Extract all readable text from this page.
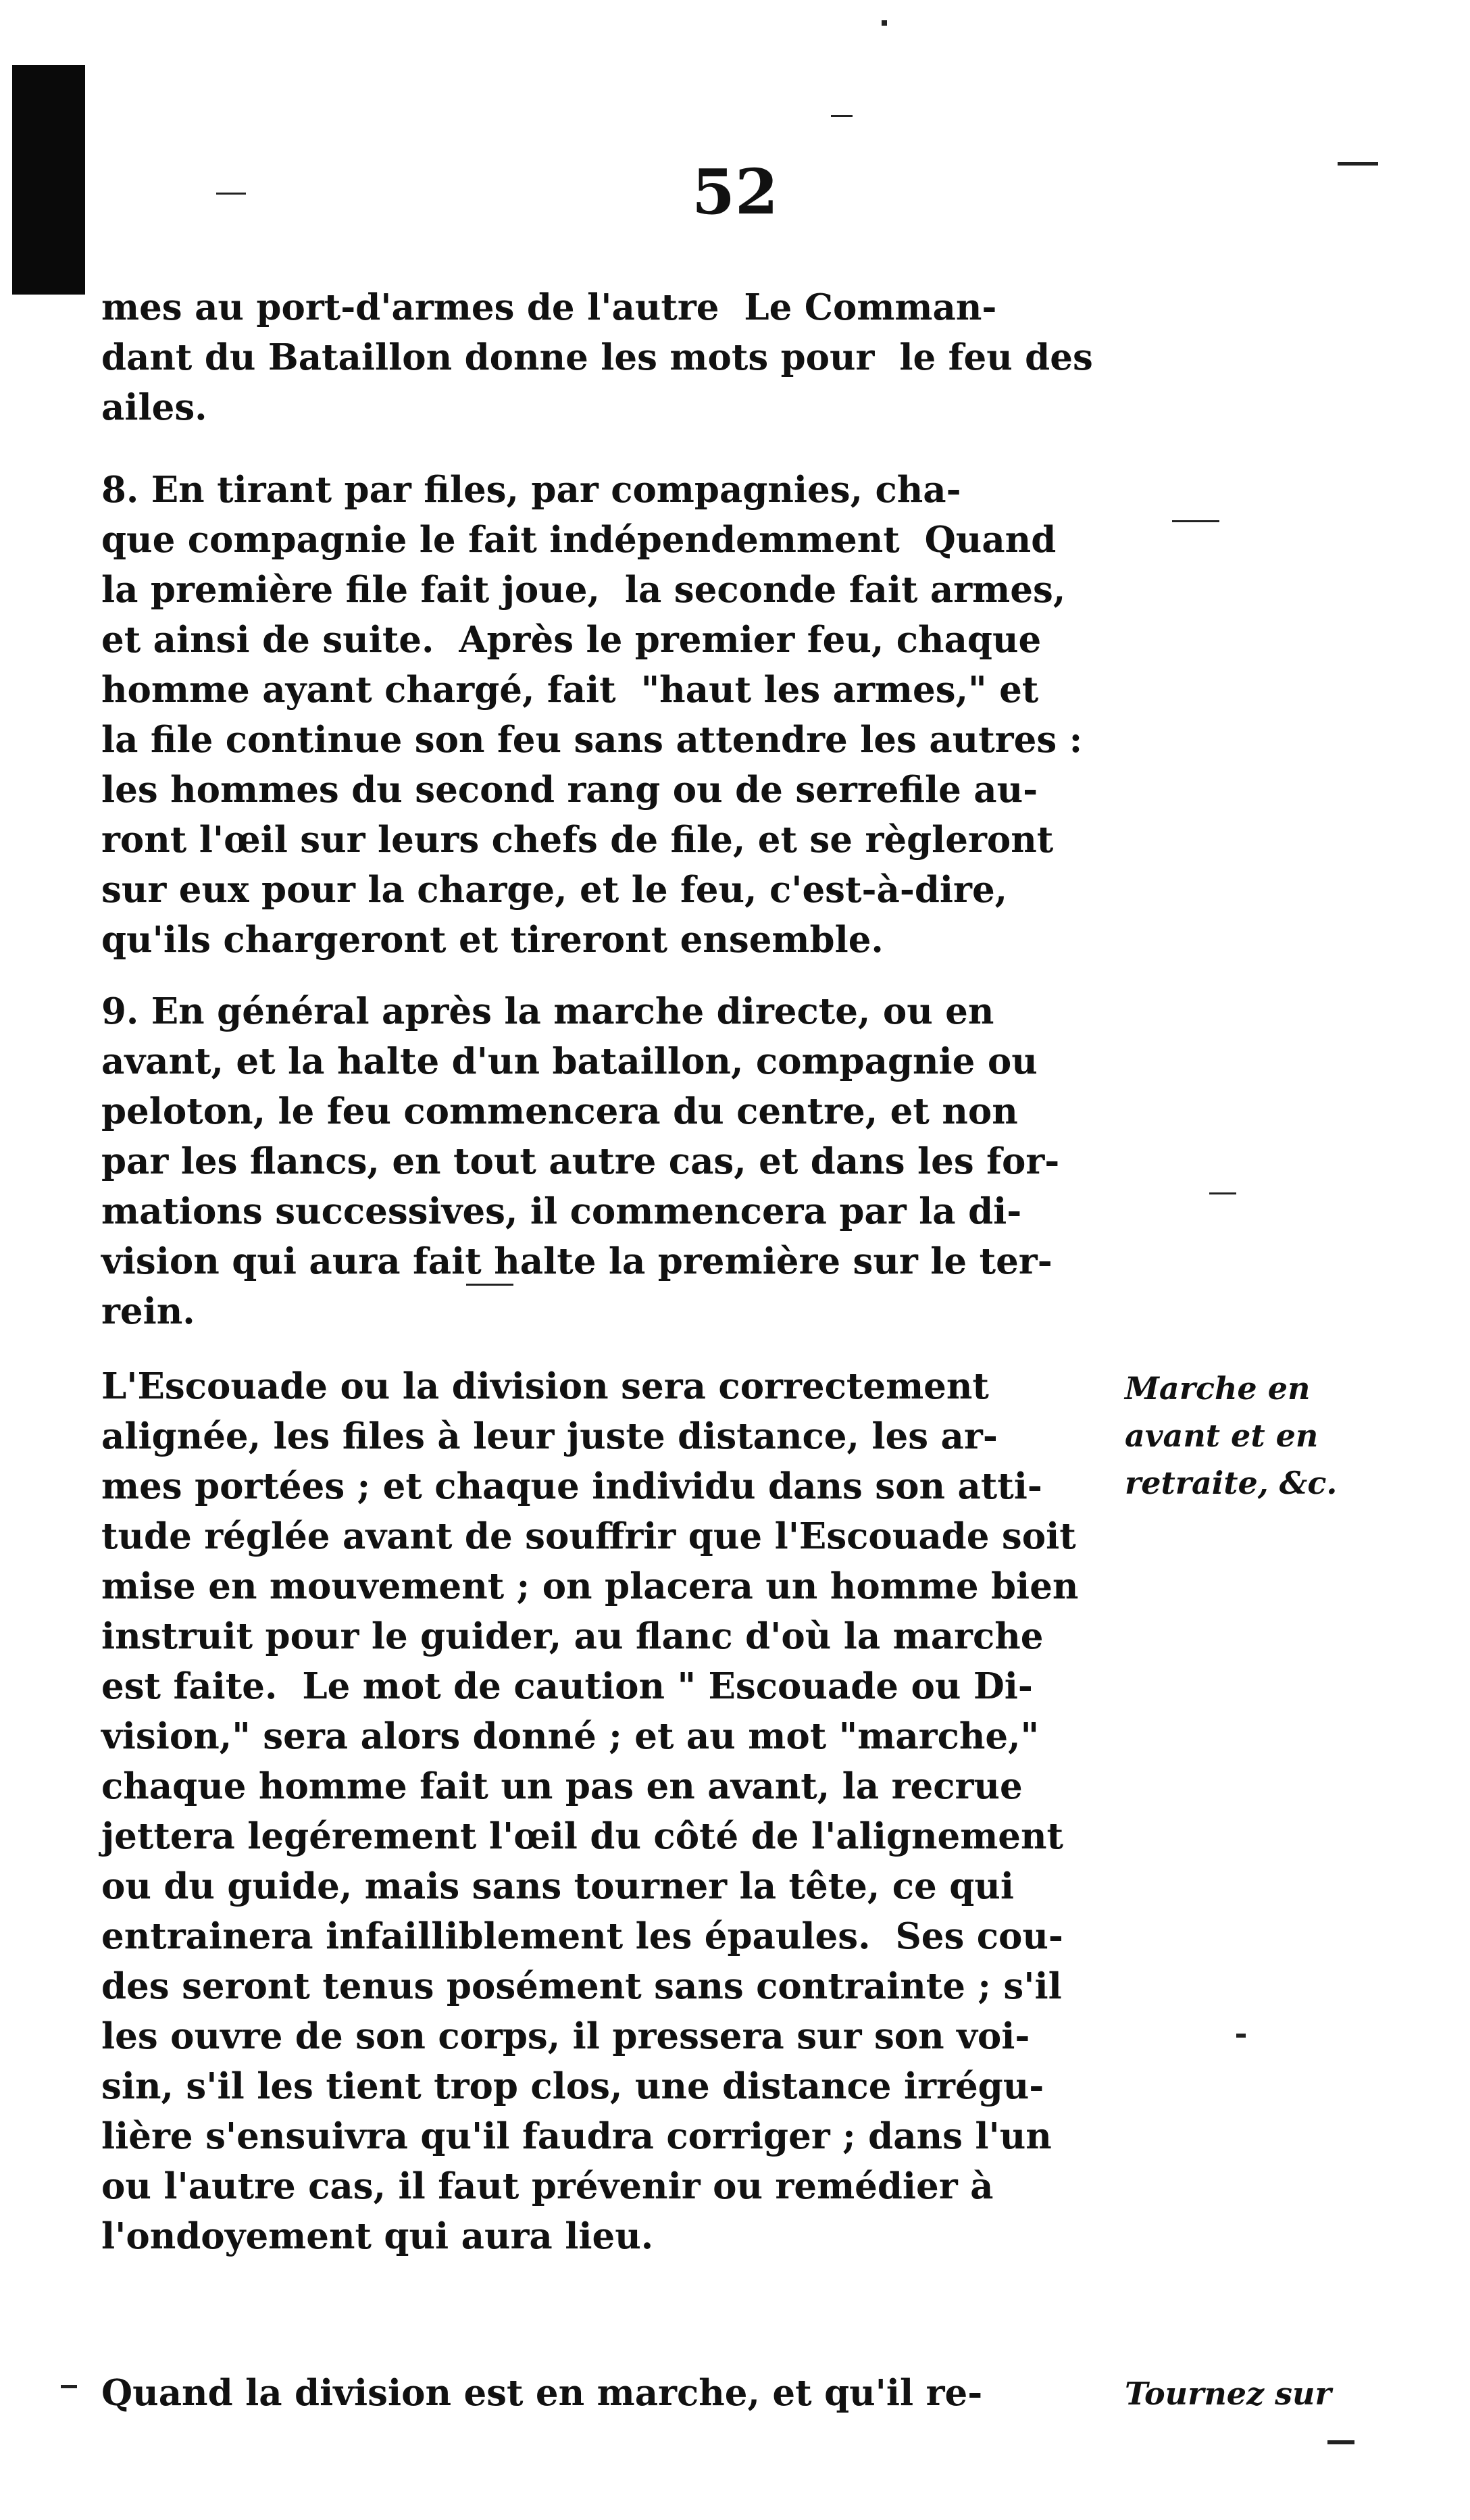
52
mes au port-d'armes de l'autre  Le Comman-
dant du Bataillon donne les mots pour  le feu des
ailes.
8. En tirant par files, par compagnies, cha-
que compagnie le fait indépendemment  Quand
la première file fait joue,  la seconde fait armes,
et ainsi de suite.  Après le premier feu, chaque
homme ayant chargé, fait  "haut les armes," et
la file continue son feu sans attendre les autres :
les hommes du second rang ou de serrefile au-
ront l'œil sur leurs chefs de file, et se règleront
sur eux pour la charge, et le feu, c'est-à-dire,
qu'ils chargeront et tireront ensemble.
9. En général après la marche directe, ou en
avant, et la halte d'un bataillon, compagnie ou
peloton, le feu commencera du centre, et non
par les flancs, en tout autre cas, et dans les for-
mations successives, il commencera par la di-
vision qui aura fait halte la première sur le ter-
rein.
L'Escouade ou la division sera correctement
alignée, les files à leur juste distance, les ar-
mes portées ; et chaque individu dans son atti-
tude réglée avant de souffrir que l'Escouade soit
mise en mouvement ; on placera un homme bien
instruit pour le guider, au flanc d'où la marche
est faite.  Le mot de caution " Escouade ou Di-
vision," sera alors donné ; et au mot "marche,"
chaque homme fait un pas en avant, la recrue
jettera legérement l'œil du côté de l'alignement
ou du guide, mais sans tourner la tête, ce qui
entrainera infailliblement les épaules.  Ses cou-
des seront tenus posément sans contrainte ; s'il
les ouvre de son corps, il pressera sur son voi-
sin, s'il les tient trop clos, une distance irrégu-
lière s'ensuivra qu'il faudra corriger ; dans l'un
ou l'autre cas, il faut prévenir ou remédier à
l'ondoyement qui aura lieu.
Quand la division est en marche, et qu'il re-
Marche en
avant et en
retraite, &c.
Tournez sur
